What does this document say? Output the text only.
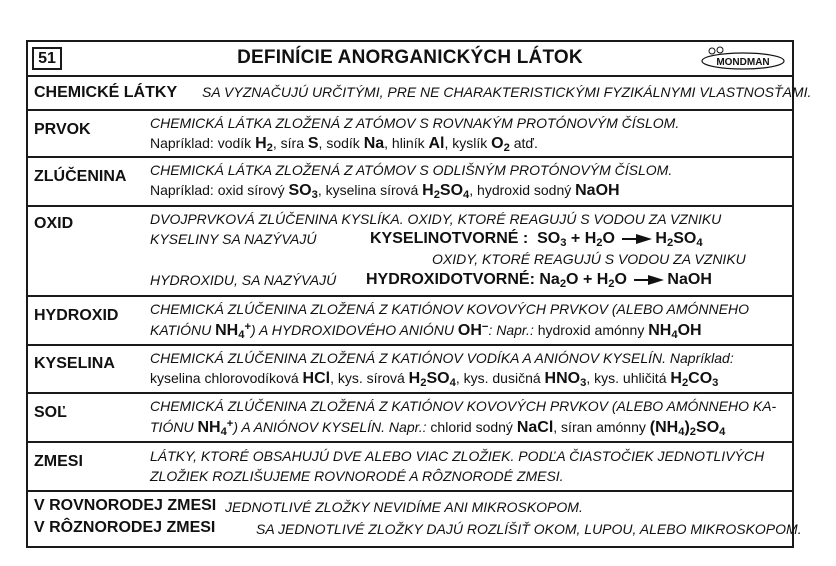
51	DEFINÍCIE ANORGANICKÝCH LÁTOK	MONDMAN
CHEMICKÉ LÁTKY SA VYZNAČUJÚ URČITÝMI, PRE NE CHARAKTERISTICKÝMI FYZIKÁLNYMI VLASTNOSŤAMI.
PRVOK	CHEMICKÁ LÁTKA ZLOŽENÁ Z ATÓMOV S ROVNAKÝM PROTÓNOVÝM ČÍSLOM.
Napríklad: vodík $H_2$, síra S, sodík Na, hliník Al, kyslík $O_2$ atď.
ZLÚČENINA CHEMICKÁ LÁTKA ZLOŽENÁ Z ATÓMOV S ODLIŠNÝM PROTÓNOVÝM ČÍSLOM.
Napríklad: oxid sírový $SO_3$, kyselina sírová $H_2SO_4$, hydroxid sodný NaOH
OXID	DVOJPRVKOVÁ ZLÚČENINA KYSLÍKA. OXIDY, KTORÉ REAGUJÚ S VODOU ZA VZNIKU
KYSELINY SA NAZÝVAJÚ	KYSELINOTVORNÉ : $SO_3 + H_2O \to H_2SO_4$
OXIDY, KTORÉ REAGUJÚ S VODOU ZA VZNIKU
HYDROXIDU, SA NAZÝVAJÚ HYDROXIDOTVORNÉ: $Na_2O + H_2O$ → NaOH
HYDROXID CHEMICKÁ ZLÚČENINA ZLOŽENÁ Z KATIÓNOV KOVOVÝCH PRVKOV (ALEBO AMÓNNEHO
KATIÓNU $NH_4^+$) A HYDROXIDOVÉHO ANIÓNU OH−: Napr.: hydroxid amónny $NH_4OH$
KYSELINA	CHEMICKÁ ZLÚČENINA ZLOŽENÁ Z KATIÓNOV VODÍKA A ANIÓNOV KYSELÍN. Napríklad:
kyselina chlorovodíková HCl, kys. sírová $H_2SO_4$, kys. dusičná $HNO_3$, kys. uhličitá $H_2CO_3$
SOĽ	CHEMICKÁ ZLÚČENINA ZLOŽENÁ Z KATIÓNOV KOVOVÝCH PRVKOV (ALEBO AMÓNNEHO KA-
TIÓNU $NH_4^+$) A ANIÓNOV KYSELÍN. Napr.: chlorid sodný NaCl, síran amónny $(NH_4)_2SO_4$
ZMESI	LÁTKY, KTORÉ OBSAHUJÚ DVE ALEBO VIAC ZLOŽIEK. PODĽA ČIASTOČIEK JEDNOTLIVÝCH
ZLOŽIEK ROZLIŠUJEME ROVNORODÉ A RÔZNORODÉ ZMESI.
V ROVNORODEJ ZMESI JEDNOTLIVÉ ZLOŽKY NEVIDÍME ANI MIKROSKOPOM.
V RÔZNORODEJ ZMESI	SA JEDNOTLIVÉ ZLOŽKY DAJÚ ROZLÍŠIŤ OKOM, LUPOU, ALEBO MIKROSKOPOM.
